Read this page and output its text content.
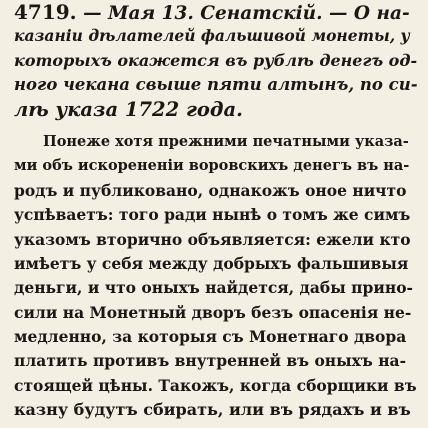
4719. — Мая 13. Сенатскій. — О на-
казаніи дѣлателей фальшивой монеты, у
которыхъ окажется въ рублѣ денегъ од-
ного чекана свыше пяти алтынъ, по си-
лѣ указа 1722 года.
Понеже хотя прежними печатными указа-
ми объ искорененіи воровскихъ денегъ въ на-
родъ и публиковано, однакожъ оное ничто
успѣваетъ: того ради нынѣ о томъ же симъ
указомъ вторично объявляется: ежели кто
имѣетъ у себя между добрыхъ фальшивыя
деньги, и что оныхъ найдется, дабы прино-
сили на Монетный дворъ безъ опасенія не-
медленно, за которыя съ Монетнаго двора
платить противъ внутренней въ оныхъ на-
стоящей цѣны. Такожъ, когда сборщики въ
казну будутъ сбирать, или въ рядахъ и въ
